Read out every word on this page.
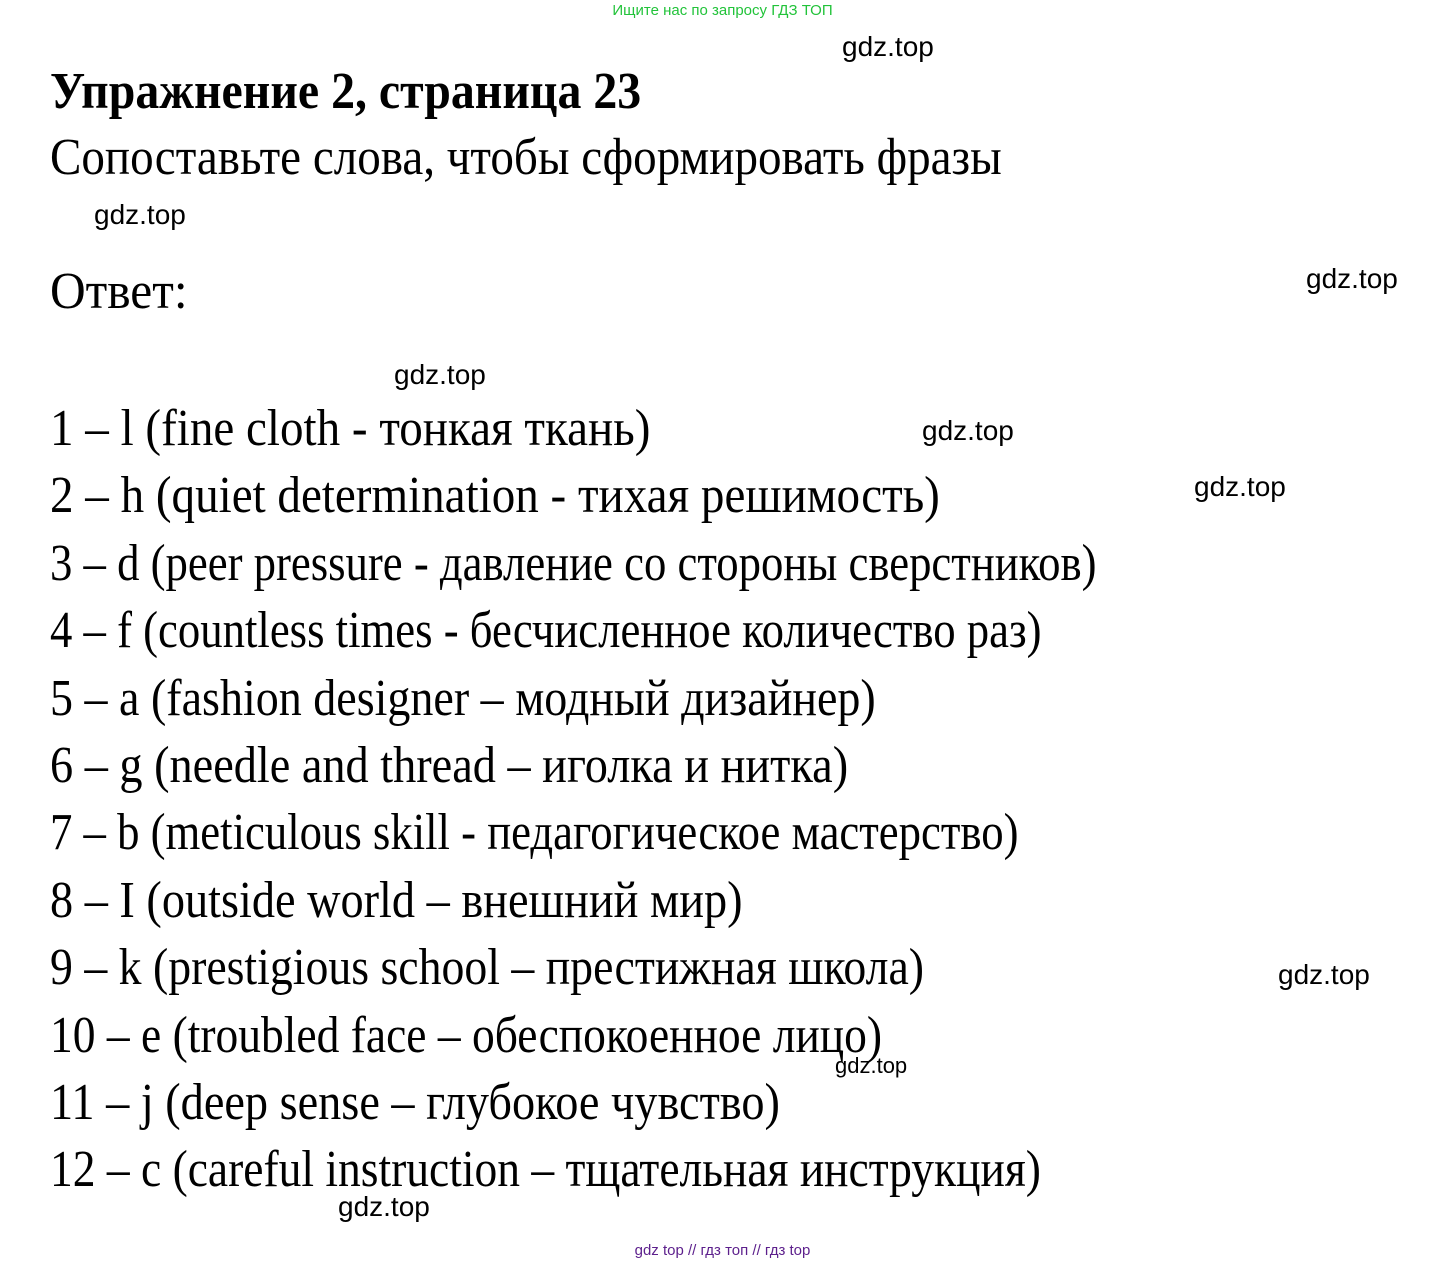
Ищите нас по запросу ГДЗ ТОП
Упражнение 2, страница 23
Сопоставьте слова, чтобы сформировать фразы
Ответ:
1 – l (fine cloth - тонкая ткань)
2 – h (quiet determination - тихая решимость)
3 – d (peer pressure - давление со стороны сверстников)
4 – f (countless times - бесчисленное количество раз)
5 – a (fashion designer – модный дизайнер)
6 – g (needle and thread – иголка и нитка)
7 – b (meticulous skill - педагогическое мастерство)
8 – I (outside world – внешний мир)
9 – k (prestigious school – престижная школа)
10 – e (troubled face – обеспокоенное лицо)
11 – j (deep sense – глубокое чувство)
12 – c (careful instruction – тщательная инструкция)
gdz.top
gdz.top
gdz.top
gdz.top
gdz.top
gdz.top
gdz.top
gdz.top
gdz.top
gdz top // гдз топ // гдз top
